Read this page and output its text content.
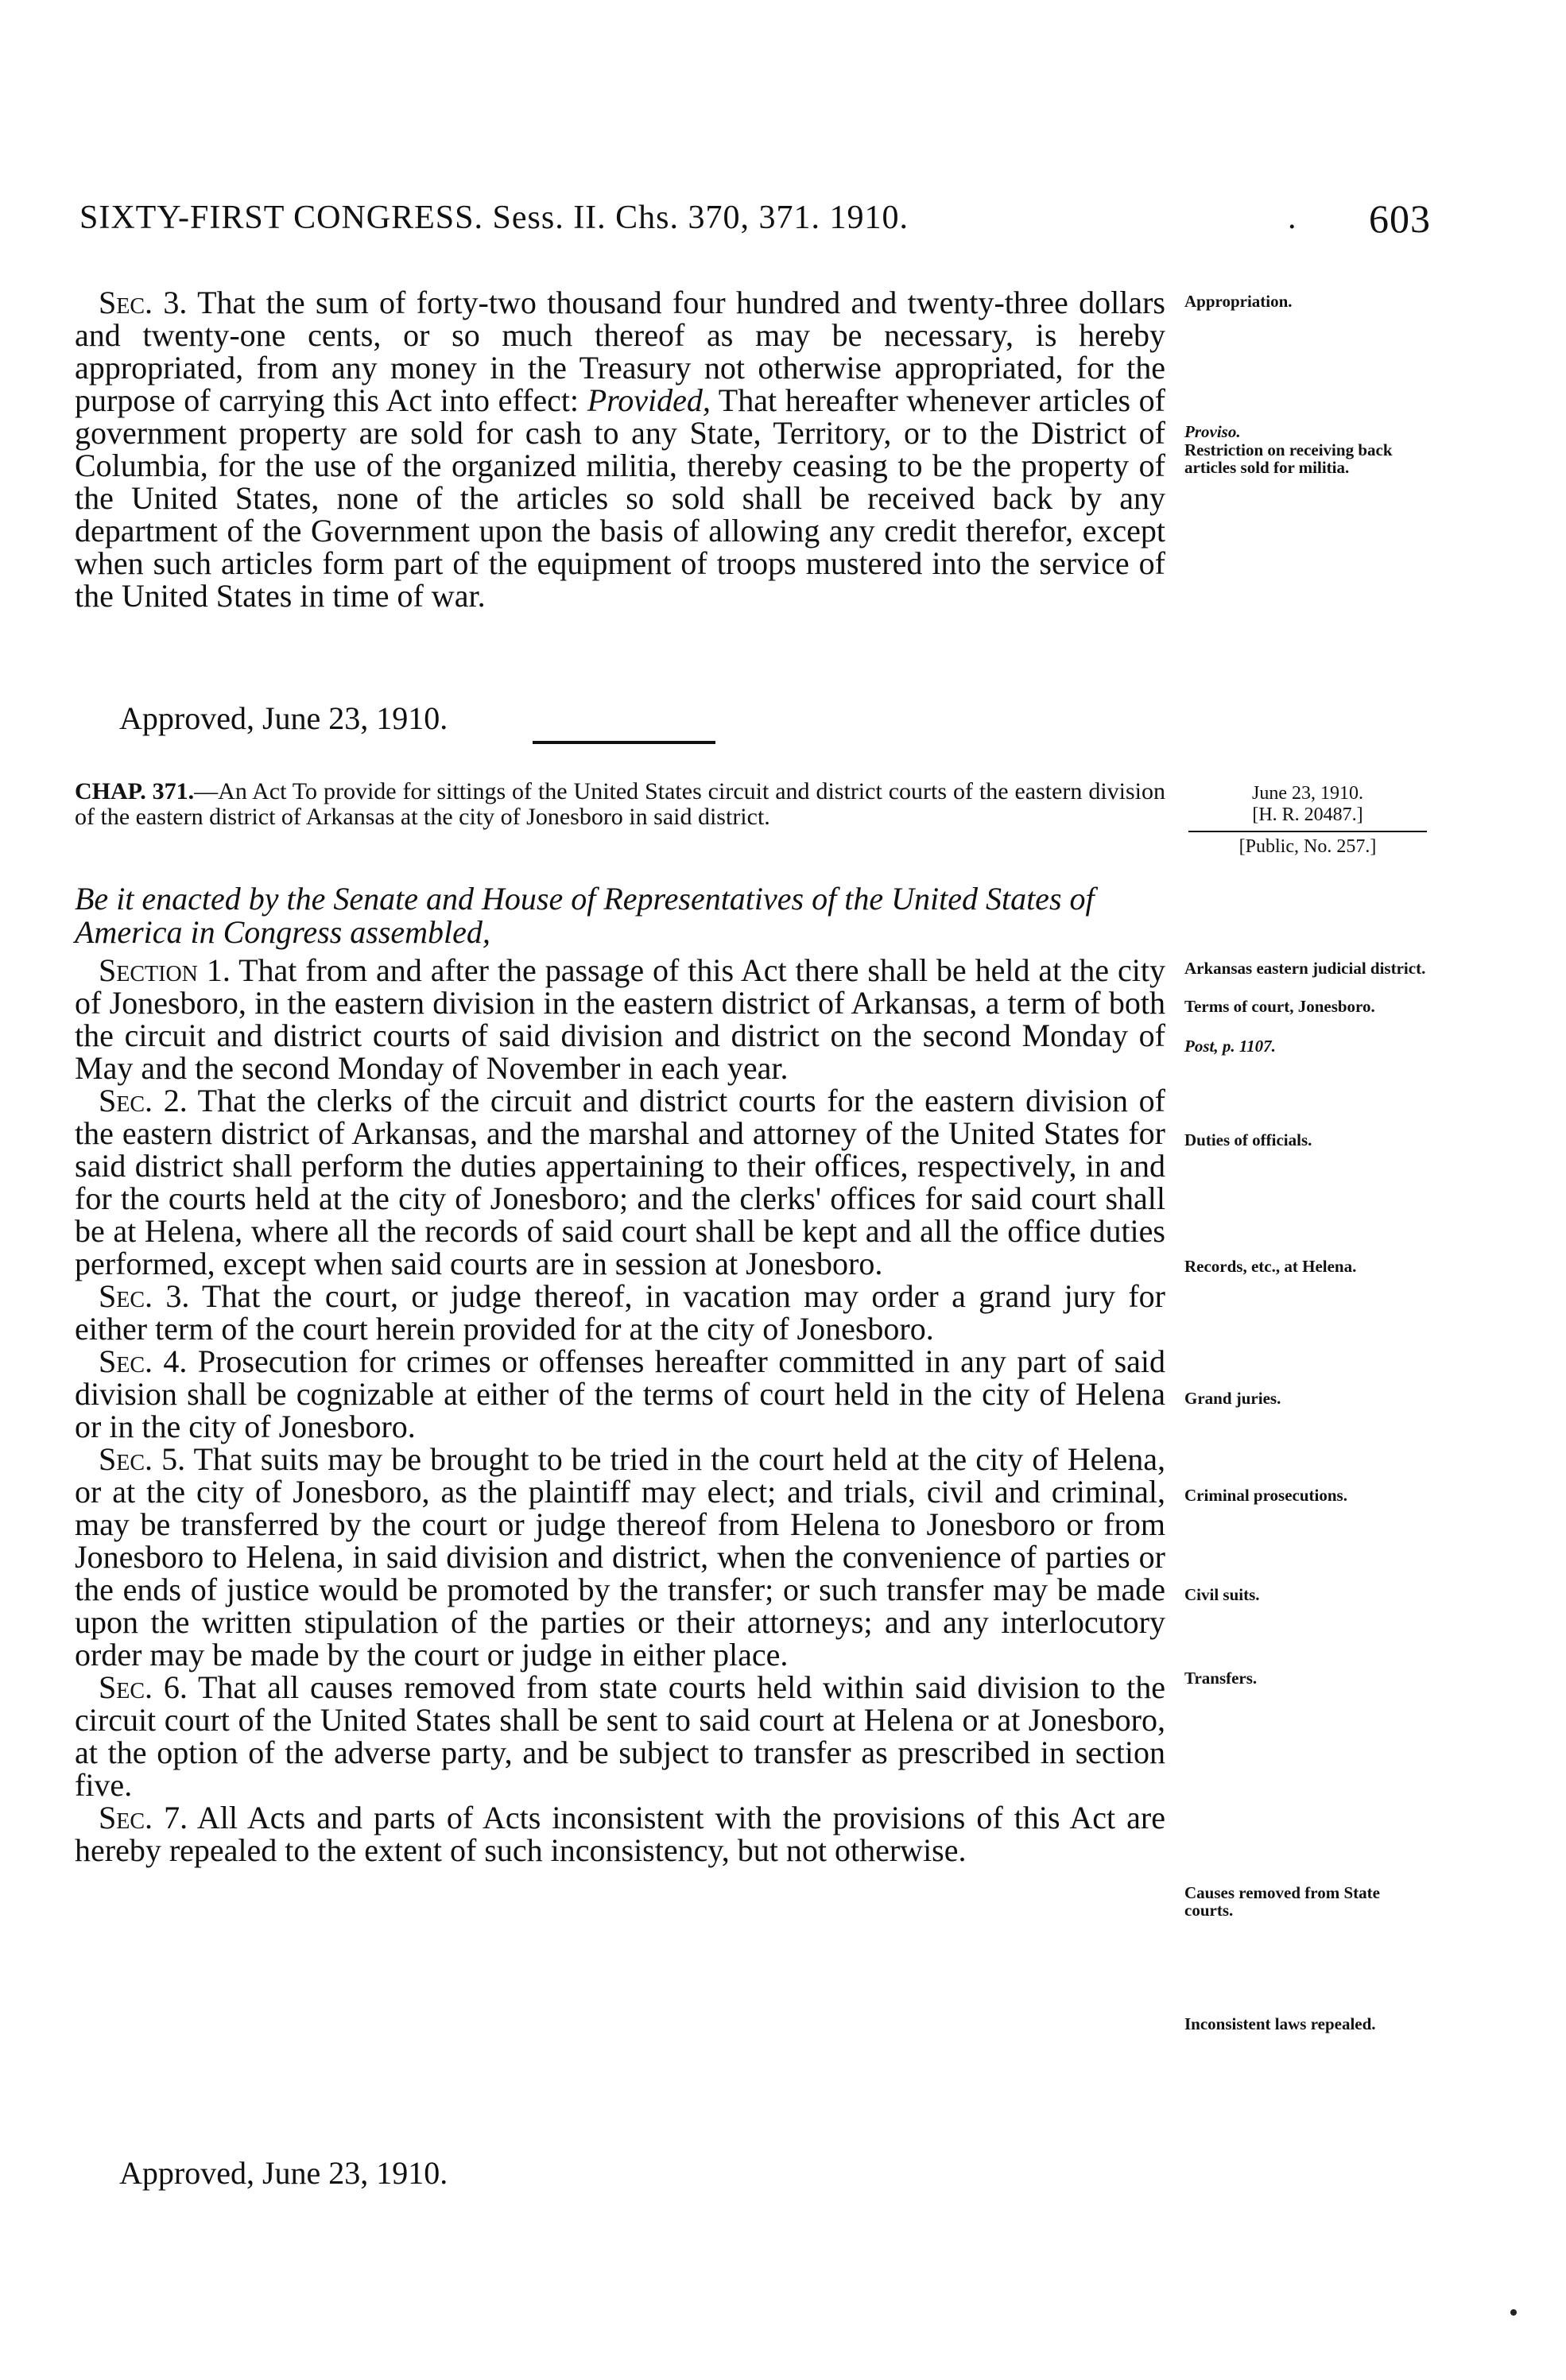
SIXTY-FIRST CONGRESS. Sess. II. Chs. 370, 371. 1910.	. 603

Sec. 3. That the sum of forty-two thousand four hundred and twenty-three dollars and twenty-one cents, or so much thereof as may be necessary, is hereby appropriated, from any money in the Treasury not otherwise appropriated, for the purpose of carrying this Act into effect: Provided, That hereafter whenever articles of government property are sold for cash to any State, Territory, or to the District of Columbia, for the use of the organized militia, thereby ceasing to be the property of the United States, none of the articles so sold shall be received back by any department of the Government upon the basis of allowing any credit therefor, except when such articles form part of the equipment of troops mustered into the service of the United States in time of war.

Approved, June 23, 1910.
CHAP. 371.—An Act To provide for sittings of the United States circuit and district courts of the eastern division of the eastern district of Arkansas at the city of Jonesboro in said district.
June 23, 1910.
[H. R. 20487.]
[Public, No. 257.]
Be it enacted by the Senate and House of Representatives of the United States of America in Congress assembled,

Section 1. That from and after the passage of this Act there shall be held at the city of Jonesboro, in the eastern division in the eastern district of Arkansas, a term of both the circuit and district courts of said division and district on the second Monday of May and the second Monday of November in each year.

Sec. 2. That the clerks of the circuit and district courts for the eastern division of the eastern district of Arkansas, and the marshal and attorney of the United States for said district shall perform the duties appertaining to their offices, respectively, in and for the courts held at the city of Jonesboro; and the clerks' offices for said court shall be at Helena, where all the records of said court shall be kept and all the office duties performed, except when said courts are in session at Jonesboro.

Sec. 3. That the court, or judge thereof, in vacation may order a grand jury for either term of the court herein provided for at the city of Jonesboro.

Sec. 4. Prosecution for crimes or offenses hereafter committed in any part of said division shall be cognizable at either of the terms of court held in the city of Helena or in the city of Jonesboro.

Sec. 5. That suits may be brought to be tried in the court held at the city of Helena, or at the city of Jonesboro, as the plaintiff may elect; and trials, civil and criminal, may be transferred by the court or judge thereof from Helena to Jonesboro or from Jonesboro to Helena, in said division and district, when the convenience of parties or the ends of justice would be promoted by the transfer; or such transfer may be made upon the written stipulation of the parties or their attorneys; and any interlocutory order may be made by the court or judge in either place.

Sec. 6. That all causes removed from state courts held within said division to the circuit court of the United States shall be sent to said court at Helena or at Jonesboro, at the option of the adverse party, and be subject to transfer as prescribed in section five.

Sec. 7. All Acts and parts of Acts inconsistent with the provisions of this Act are hereby repealed to the extent of such inconsistency, but not otherwise.

Approved, June 23, 1910.
Appropriation.
Proviso.
Restriction on receiving back articles sold for militia.
Arkansas eastern judicial district.
Terms of court, Jonesboro.
Post, p. 1107.
Duties of officials.
Records, etc., at Helena.
Grand juries.
Criminal prosecutions.
Civil suits.
Transfers.
Causes removed from State courts.
Inconsistent laws repealed.
